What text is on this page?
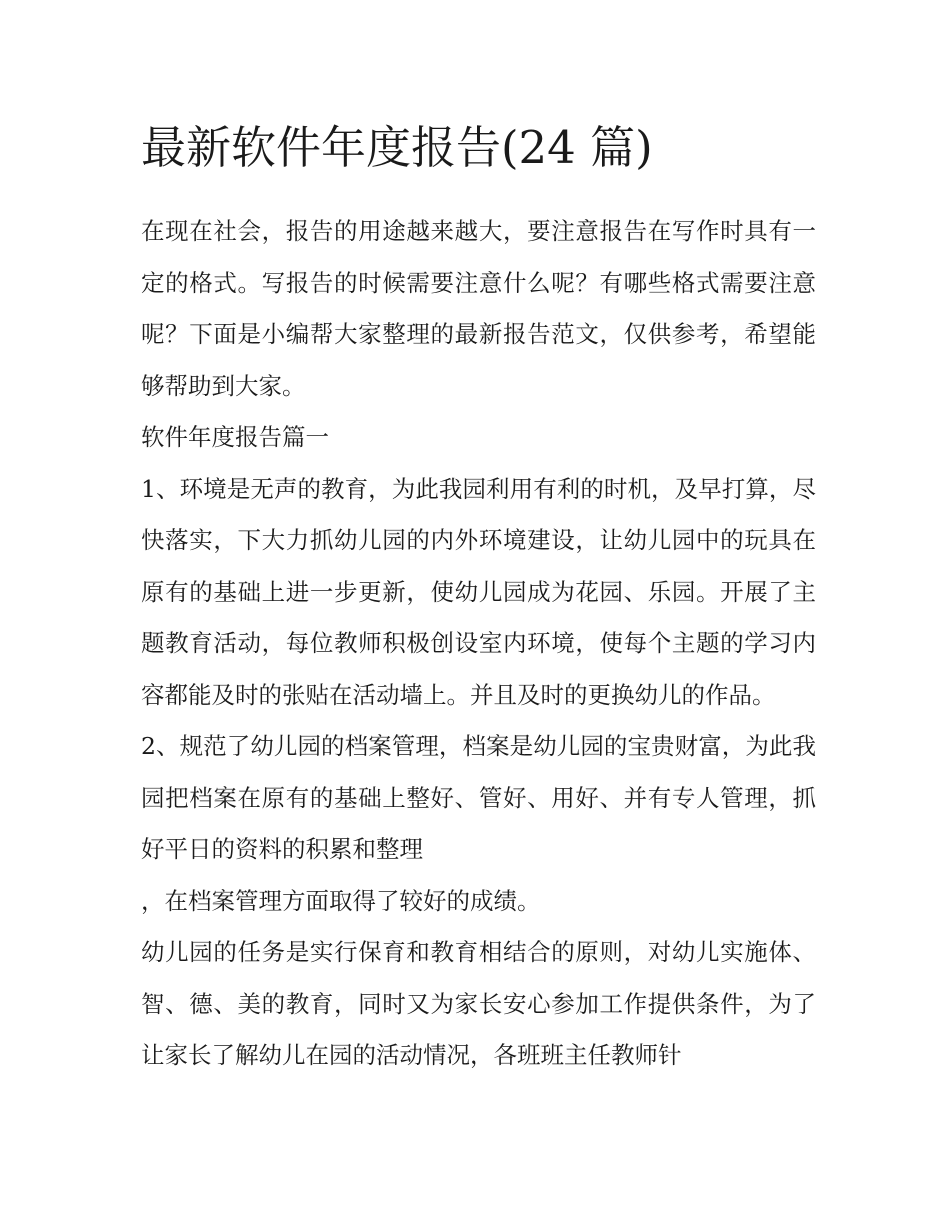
最新软件年度报告(24 篇)

在现在社会，报告的用途越来越大，要注意报告在写作时具有一定的格式。写报告的时候需要注意什么呢？有哪些格式需要注意呢？下面是小编帮大家整理的最新报告范文，仅供参考，希望能够帮助到大家。

软件年度报告篇一

1、环境是无声的教育，为此我园利用有利的时机，及早打算，尽快落实，下大力抓幼儿园的内外环境建设，让幼儿园中的玩具在原有的基础上进一步更新，使幼儿园成为花园、乐园。开展了主题教育活动，每位教师积极创设室内环境，使每个主题的学习内容都能及时的张贴在活动墙上。并且及时的更换幼儿的作品。

2、规范了幼儿园的档案管理，档案是幼儿园的宝贵财富，为此我园把档案在原有的基础上整好、管好、用好、并有专人管理，抓好平日的资料的积累和整理

，在档案管理方面取得了较好的成绩。

幼儿园的任务是实行保育和教育相结合的原则，对幼儿实施体、智、德、美的教育，同时又为家长安心参加工作提供条件，为了让家长了解幼儿在园的活动情况，各班班主任教师针
